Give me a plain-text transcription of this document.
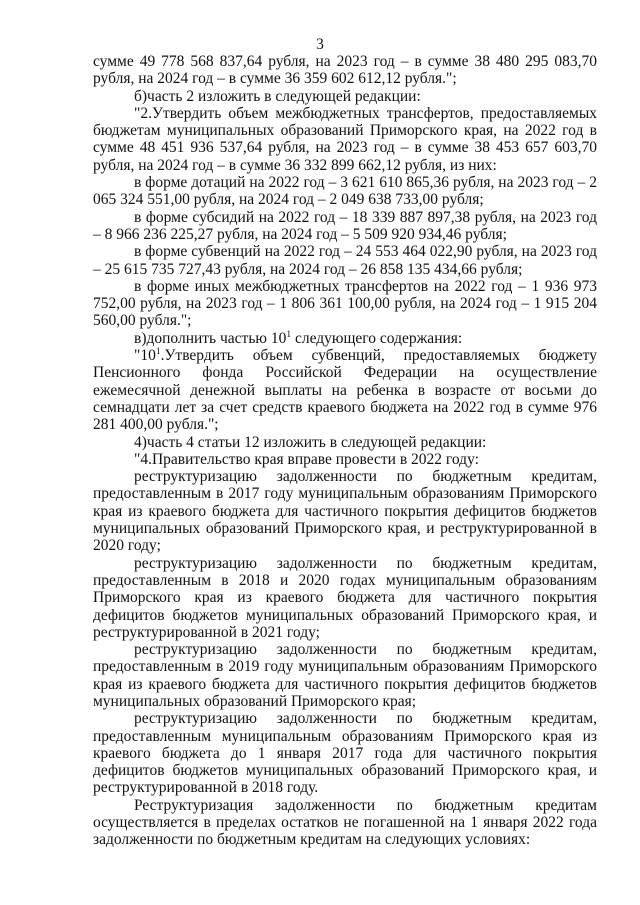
3

сумме 49 778 568 837,64 рубля, на 2023 год – в сумме 38 480 295 083,70 рубля, на 2024 год – в сумме 36 359 602 612,12 рубля.";

б)часть 2 изложить в следующей редакции:

"2.Утвердить объем межбюджетных трансфертов, предоставляемых бюджетам муниципальных образований Приморского края, на 2022 год в сумме 48 451 936 537,64 рубля, на 2023 год – в сумме 38 453 657 603,70 рубля, на 2024 год – в сумме 36 332 899 662,12 рубля, из них:

в форме дотаций на 2022 год – 3 621 610 865,36 рубля, на 2023 год – 2 065 324 551,00 рубля, на 2024 год – 2 049 638 733,00 рубля;

в форме субсидий на 2022 год – 18 339 887 897,38 рубля, на 2023 год – 8 966 236 225,27 рубля, на 2024 год – 5 509 920 934,46 рубля;

в форме субвенций на 2022 год – 24 553 464 022,90 рубля, на 2023 год – 25 615 735 727,43 рубля, на 2024 год – 26 858 135 434,66 рубля;

в форме иных межбюджетных трансфертов на 2022 год – 1 936 973 752,00 рубля, на 2023 год – 1 806 361 100,00 рубля, на 2024 год – 1 915 204 560,00 рубля.";

в)дополнить частью $10^1$ следующего содержания:

"$10^1.Утвердить$ объем субвенций, предоставляемых бюджету Пенсионного фонда Российской Федерации на осуществление ежемесячной денежной выплаты на ребенка в возрасте от восьми до семнадцати лет за счет средств краевого бюджета на 2022 год в сумме 976 281 400,00 рубля.";

4)часть 4 статьи 12 изложить в следующей редакции:

"4.Правительство края вправе провести в 2022 году:

реструктуризацию задолженности по бюджетным кредитам, предоставленным в 2017 году муниципальным образованиям Приморского края из краевого бюджета для частичного покрытия дефицитов бюджетов муниципальных образований Приморского края, и реструктурированной в 2020 году;

реструктуризацию задолженности по бюджетным кредитам, предоставленным в 2018 и 2020 годах муниципальным образованиям Приморского края из краевого бюджета для частичного покрытия дефицитов бюджетов муниципальных образований Приморского края, и реструктурированной в 2021 году;

реструктуризацию задолженности по бюджетным кредитам, предоставленным в 2019 году муниципальным образованиям Приморского края из краевого бюджета для частичного покрытия дефицитов бюджетов муниципальных образований Приморского края;

реструктуризацию задолженности по бюджетным кредитам, предоставленным муниципальным образованиям Приморского края из краевого бюджета до 1 января 2017 года для частичного покрытия дефицитов бюджетов муниципальных образований Приморского края, и реструктурированной в 2018 году.

Реструктуризация задолженности по бюджетным кредитам осуществляется в пределах остатков не погашенной на 1 января 2022 года задолженности по бюджетным кредитам на следующих условиях:
